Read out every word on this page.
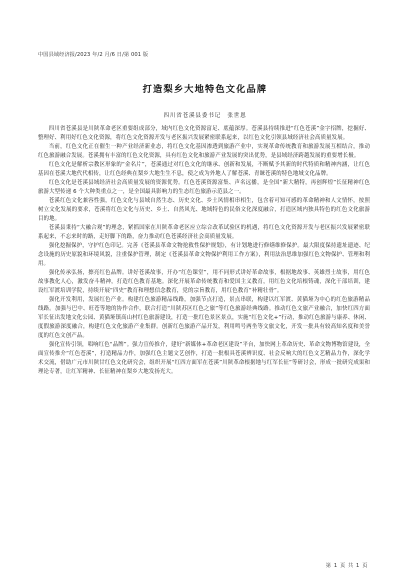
中国县域经济报/2023 年/2 月/6 日/第 001 版
打造梨乡大地特色文化品牌
四川省苍溪县委书记　张世恩

四川省苍溪县是川陕革命老区重要组成部分，域内红色文化资源富足、底蕴深厚。苍溪县持续推进“红色苍溪”金字招牌，挖掘好、整理好、利用好红色文化资源，将红色文化资源开发与老区振兴发展紧密联系起来，以红色文化引领县域经济社会高质量发展。

当前，红色文化正在催生一种产业经济新业态，将红色文化基因渗透到旅游产业中，实现革命传统教育和旅游发展互相结合，推动红色旅游融合发展。苍溪拥有丰富的红色文化资源，具有红色文化和旅游产业发展的突出优势，是县域经济跨越发展的重要增长极。

红色文化是解析宗教区形象的“金名片”，苍溪通过对红色文化的继承、创新和发展，不断赋予其新的时代特质和精神内涵，让红色基因在苍溪大地代代相传，让红色经典在梨乡大地生生不息，使之成为外地人了解苍溪、青睐苍溪的特色地域文化品牌。

红色文化是苍溪县域经济社会高质量发展的资源优势。红色苍溪资源富集、声名远播，是全国“新大精特，再创辉煌”长征精神红色旅游大型传递 6 个大种类重点之一，是全国最具影响力的生态红色旅游示范县之一。

苍溪红色文化兼容性强，红色文化与县域自然生态、历史文化、乡土风情相串相生，包含着可知可感的革命精神和人文情怀，按照树立文化发展的要求，苍溪将红色文化与历史、乡土、自然风光、地域特色的民俗文化深度融合，打造区域内独具特色的红色文化旅游目的地。

苍溪县秉持“大融合观”的理念，紧抓国家在川陕革命老区应立综合改革试验区的机遇，将红色文化资源开发与老区振兴发展紧密联系起来，不忘来时的路，走好脚下的路，奋力推动红色苍溪经济社会高质量发展。

强化挖掘保护，守护红色印记。完善《苍溪县革命文物抢救性保护规划》，有计划地进行修缮维修保护。最大限度保持遗址遗迹、纪念设施的历史原貌和环境风貌，注重保护管理，制定《苍溪县革命文物保护利用工作方案》，利用法治思维加强红色文物保护、管理和利用。

强化传承弘扬，擦亮红色品牌。讲好苍溪故事，开办“红色课堂”，用不同形式讲好革命故事，根据地故事、英雄烈士故事，用红色故事教化人心，激发奋斗精神，打造红色教育基地。深化开展革命传统教育和爱国主义教育，用红色文化培根铸魂，深化干部培训，建设红军渡培训学院，持续开展“四史”教育和理想信念教育，党的宗旨教育，用红色教育“补精壮骨”。

强化开发利用，发展红色产业。构建红色旅游精品线路，加强节点打造，景点串联，构建以红军渡、黄猫垭为中心的红色旅游精品线路。加强与巴中、旺苍等地的协作合作，联合打造“川陕苏区红色之旅”等红色旅游经典线路。推动红色文旅产业融合，加快红四方面军长征出发地文化公园、黄猫垭镇高山村红色旅游建设，打造一批红色景区景点，实施“红色文化+”行动，推动红色旅游与康养、休闲、度假旅游深度融合，构建红色文化旅游产业集群。创新红色旅游产品开发，利用鸣号两坐等文旅文化，开发一批具有较高知名度和美誉度的红色文创产品。

强化宣传引领，唱响红色“品牌”。强力宣传推介，建好“新媒体+革命老区建设”平台，加快网上革命历史、革命文物博物馆建设，全面宣传推介“红色苍溪”，打造精品力作，加强红色主题文艺创作，打造一批根具苍溪辨识度、社会反响大的红色文艺精品力作，深化学术交流，借助广元市川陕甘红色文化研究会，组织开展“红四方面军在苍溪”川陕革命根据地与红军长征”等研讨会，形成一批研究成果和理论专著，让红军精神、长征精神在梨乡大地发扬光大。

第 1 页 共 1 页
